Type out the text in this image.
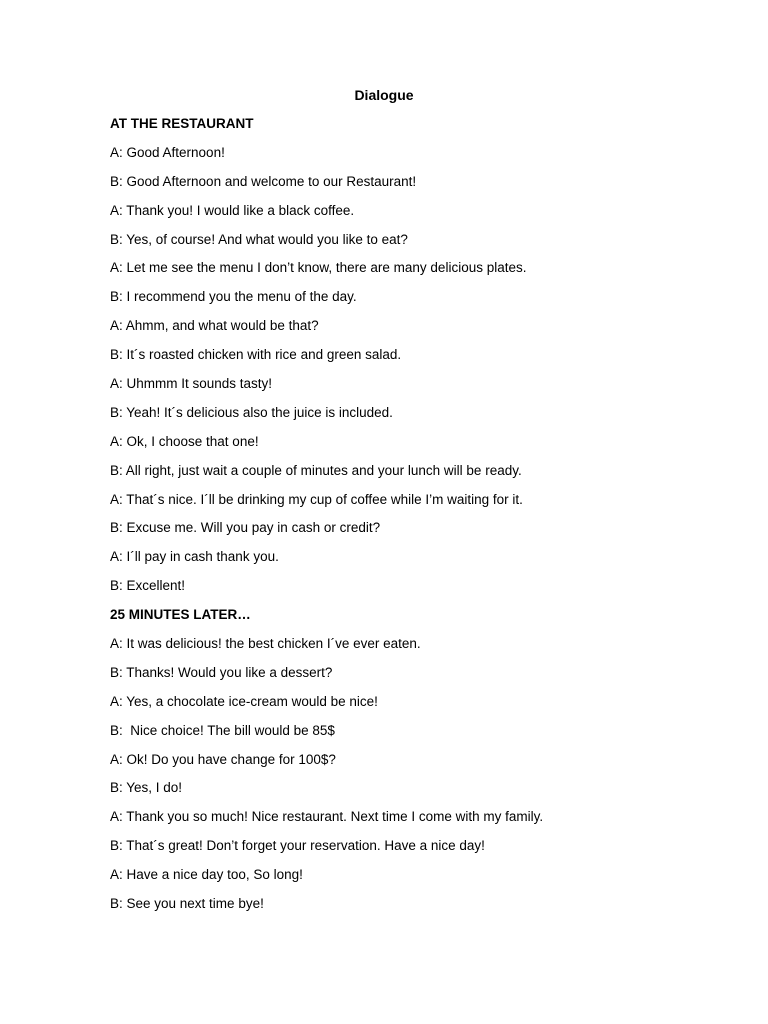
Dialogue
AT THE RESTAURANT
A: Good Afternoon!
B: Good Afternoon and welcome to our Restaurant!
A: Thank you! I would like a black coffee.
B: Yes, of course! And what would you like to eat?
A: Let me see the menu I don’t know, there are many delicious plates.
B: I recommend you the menu of the day.
A: Ahmm, and what would be that?
B: It´s roasted chicken with rice and green salad.
A: Uhmmm It sounds tasty!
B: Yeah! It´s delicious also the juice is included.
A: Ok, I choose that one!
B: All right, just wait a couple of minutes and your lunch will be ready.
A: That´s nice. I´ll be drinking my cup of coffee while I’m waiting for it.
B: Excuse me. Will you pay in cash or credit?
A: I´ll pay in cash thank you.
B: Excellent!
25 MINUTES LATER…
A: It was delicious! the best chicken I´ve ever eaten.
B: Thanks! Would you like a dessert?
A: Yes, a chocolate ice-cream would be nice!
B:  Nice choice! The bill would be 85$
A: Ok! Do you have change for 100$?
B: Yes, I do!
A: Thank you so much! Nice restaurant. Next time I come with my family.
B: That´s great! Don’t forget your reservation. Have a nice day!
A: Have a nice day too, So long!
B: See you next time bye!
